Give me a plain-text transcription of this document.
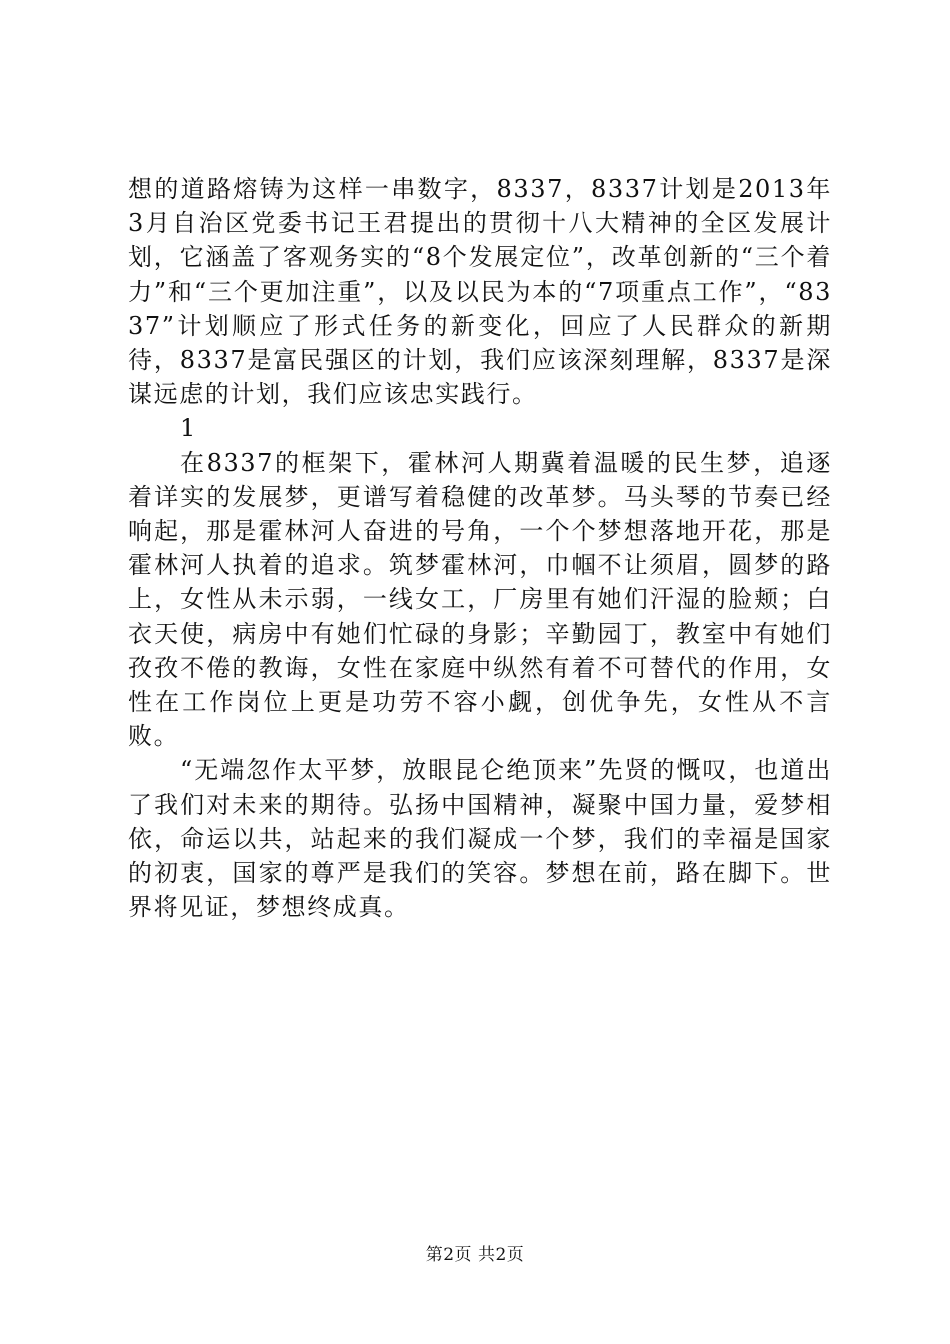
想的道路熔铸为这样一串数字，8337，8337计划是2013年3月自治区党委书记王君提出的贯彻十八大精神的全区发展计划，它涵盖了客观务实的“8个发展定位”，改革创新的“三个着力”和“三个更加注重”，以及以民为本的“7项重点工作”，“8337”计划顺应了形式任务的新变化，回应了人民群众的新期待，8337是富民强区的计划，我们应该深刻理解，8337是深谋远虑的计划，我们应该忠实践行。

1

在8337的框架下，霍林河人期冀着温暖的民生梦，追逐着详实的发展梦，更谱写着稳健的改革梦。马头琴的节奏已经响起，那是霍林河人奋进的号角，一个个梦想落地开花，那是霍林河人执着的追求。筑梦霍林河，巾帼不让须眉，圆梦的路上，女性从未示弱，一线女工，厂房里有她们汗湿的脸颊；白衣天使，病房中有她们忙碌的身影；辛勤园丁，教室中有她们孜孜不倦的教诲，女性在家庭中纵然有着不可替代的作用，女性在工作岗位上更是功劳不容小觑，创优争先，女性从不言败。

“无端忽作太平梦，放眼昆仑绝顶来”先贤的慨叹，也道出了我们对未来的期待。弘扬中国精神，凝聚中国力量，爱梦相依，命运以共，站起来的我们凝成一个梦，我们的幸福是国家的初衷，国家的尊严是我们的笑容。梦想在前，路在脚下。世界将见证，梦想终成真。

第2页 共2页
